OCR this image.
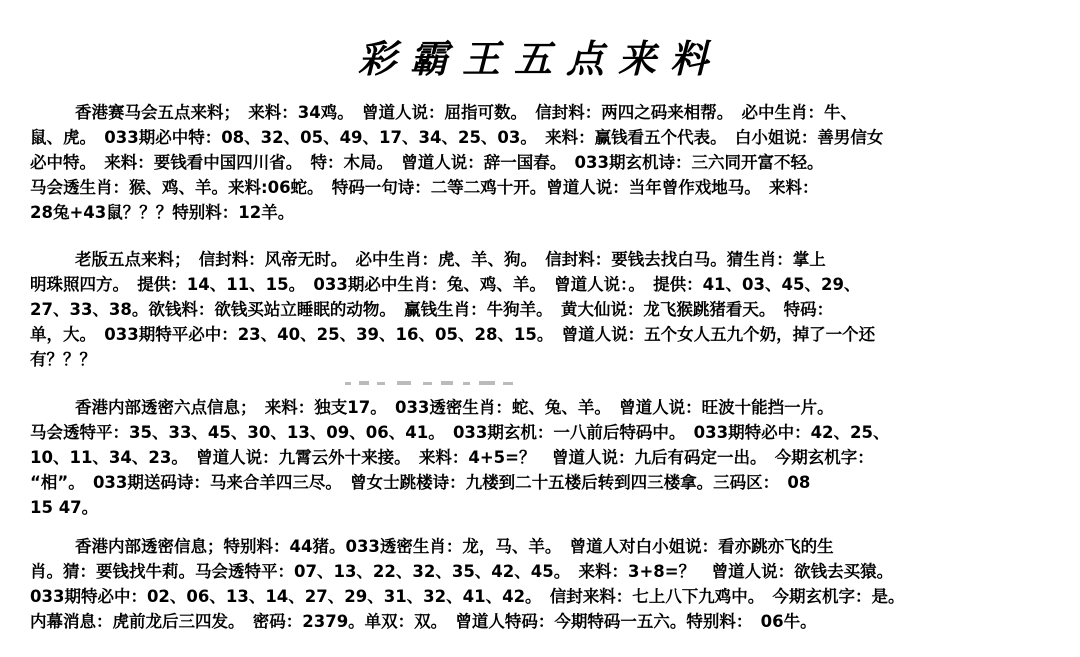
彩霸王五点来料
香港赛马会五点来料；　来料：34鸡。　曾道人说：屈指可数。　信封料：两四之码来相帮。　必中生肖：牛、
鼠、虎。　033期必中特：08、32、05、49、17、34、25、03。　来料：赢钱看五个代表。　白小姐说：善男信女
必中特。　来料：要钱看中国四川省。　特：木局。　曾道人说：辞一国春。　033期玄机诗：三六同开富不轻。
马会透生肖：猴、鸡、羊。来料:06蛇。　特码一句诗：二等二鸡十开。曾道人说：当年曾作戏地马。　来料：
28兔+43鼠？？？特别料：12羊。
老版五点来料；　信封料：风帝无时。　必中生肖：虎、羊、狗。　信封料：要钱去找白马。猜生肖：掌上
明珠照四方。　提供：14、11、15。　033期必中生肖：兔、鸡、羊。　曾道人说：。　提供：41、03、45、29、
27、33、38。欲钱料：欲钱买站立睡眠的动物。　赢钱生肖：牛狗羊。　黄大仙说：龙飞猴跳猪看天。　特码：
单，大。　033期特平必中：23、40、25、39、16、05、28、15。　曾道人说：五个女人五九个奶，掉了一个还
有？？？
香港内部透密六点信息；　来料：独支17。　033透密生肖：蛇、兔、羊。　曾道人说：旺波十能挡一片。
马会透特平：35、33、45、30、13、09、06、41。　033期玄机：一八前后特码中。　033期特必中：42、25、
10、11、34、23。　曾道人说：九霄云外十来接。　来料：4+5=？　曾道人说：九后有码定一出。　今期玄机字：
“相”。　033期送码诗：马来合羊四三尽。　曾女士跳楼诗：九楼到二十五楼后转到四三楼拿。三码区：　08
15 47。
香港内部透密信息；特别料：44猪。033透密生肖：龙，马、羊。　曾道人对白小姐说：看亦跳亦飞的生
肖。猜：要钱找牛莉。马会透特平：07、13、22、32、35、42、45。　来料：3+8=？　曾道人说：欲钱去买猿。
033期特必中：02、06、13、14、27、29、31、32、41、42。　信封来料：七上八下九鸡中。　今期玄机字：是。
内幕消息：虎前龙后三四发。　密码：2379。单双：双。　曾道人特码：今期特码一五六。特别料：　06牛。
